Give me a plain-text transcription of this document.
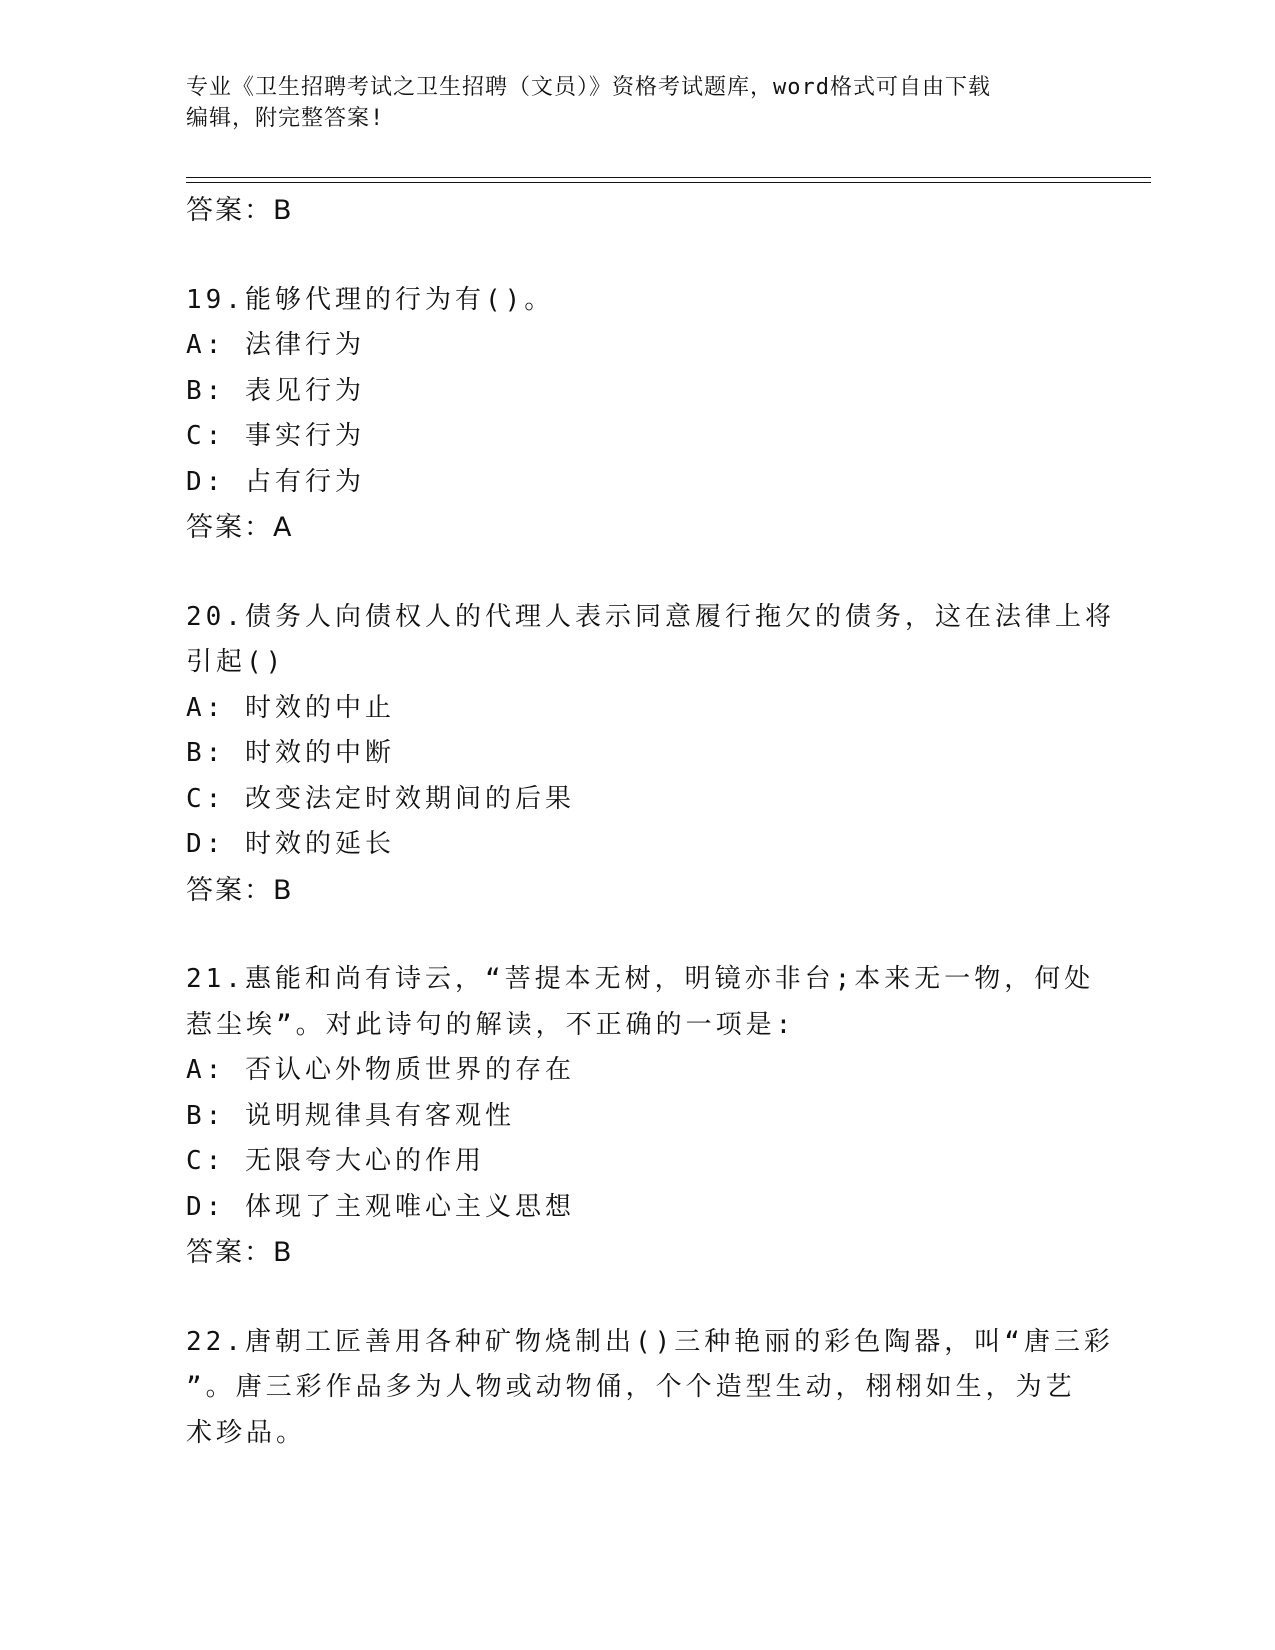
专业《卫生招聘考试之卫生招聘（文员）》资格考试题库，word格式可自由下载
编辑，附完整答案!
答案：B
19.能够代理的行为有()。
A: 法律行为
B: 表见行为
C: 事实行为
D: 占有行为
答案：A
20.债务人向债权人的代理人表示同意履行拖欠的债务，这在法律上将
引起()
A: 时效的中止
B: 时效的中断
C: 改变法定时效期间的后果
D: 时效的延长
答案：B
21.惠能和尚有诗云，“菩提本无树，明镜亦非台;本来无一物，何处
惹尘埃”。对此诗句的解读，不正确的一项是:
A: 否认心外物质世界的存在
B: 说明规律具有客观性
C: 无限夸大心的作用
D: 体现了主观唯心主义思想
答案：B
22.唐朝工匠善用各种矿物烧制出()三种艳丽的彩色陶器，叫“唐三彩
”。唐三彩作品多为人物或动物俑，个个造型生动，栩栩如生，为艺
术珍品。
